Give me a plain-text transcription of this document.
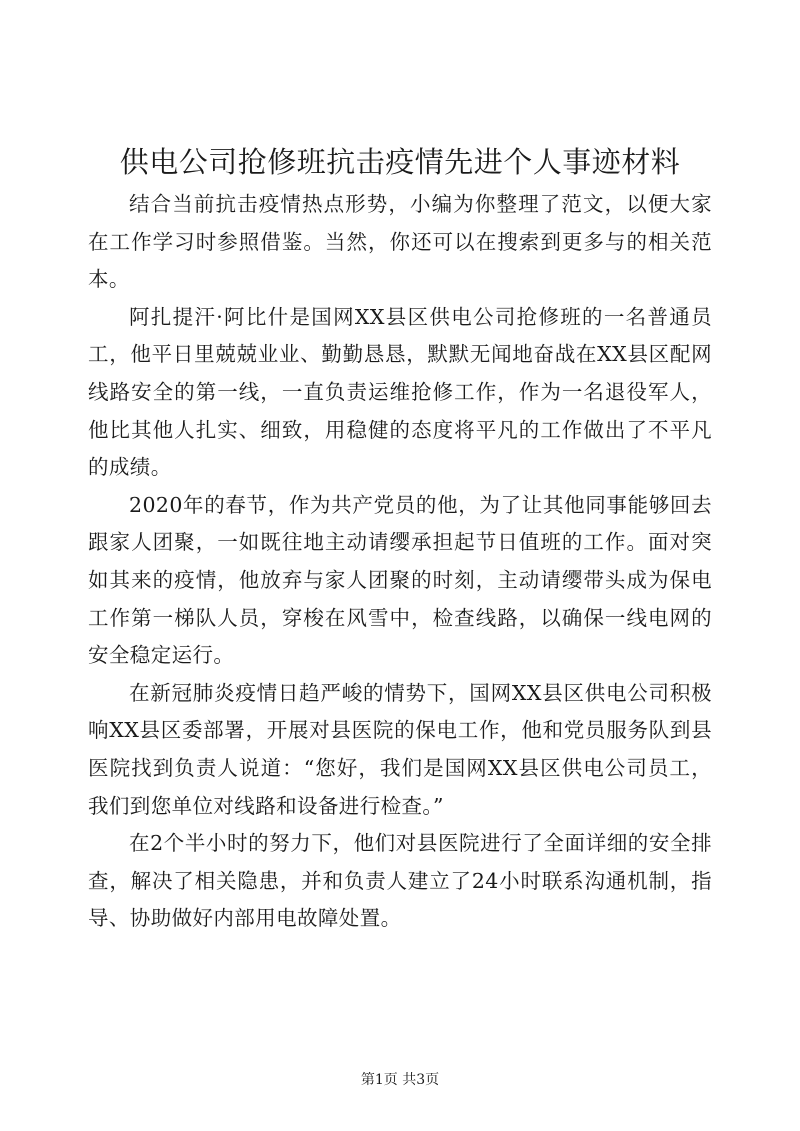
供电公司抢修班抗击疫情先进个人事迹材料

结合当前抗击疫情热点形势，小编为你整理了范文，以便大家在工作学习时参照借鉴。当然，你还可以在搜索到更多与的相关范本。

阿扎提汗·阿比什是国网XX县区供电公司抢修班的一名普通员工，他平日里兢兢业业、勤勤恳恳，默默无闻地奋战在XX县区配网线路安全的第一线，一直负责运维抢修工作，作为一名退役军人，他比其他人扎实、细致，用稳健的态度将平凡的工作做出了不平凡的成绩。

2020年的春节，作为共产党员的他，为了让其他同事能够回去跟家人团聚，一如既往地主动请缨承担起节日值班的工作。面对突如其来的疫情，他放弃与家人团聚的时刻，主动请缨带头成为保电工作第一梯队人员，穿梭在风雪中，检查线路，以确保一线电网的安全稳定运行。

在新冠肺炎疫情日趋严峻的情势下，国网XX县区供电公司积极响XX县区委部署，开展对县医院的保电工作，他和党员服务队到县医院找到负责人说道：“您好，我们是国网XX县区供电公司员工，我们到您单位对线路和设备进行检查。”

在2个半小时的努力下，他们对县医院进行了全面详细的安全排查，解决了相关隐患，并和负责人建立了24小时联系沟通机制，指导、协助做好内部用电故障处置。

第1页 共3页
